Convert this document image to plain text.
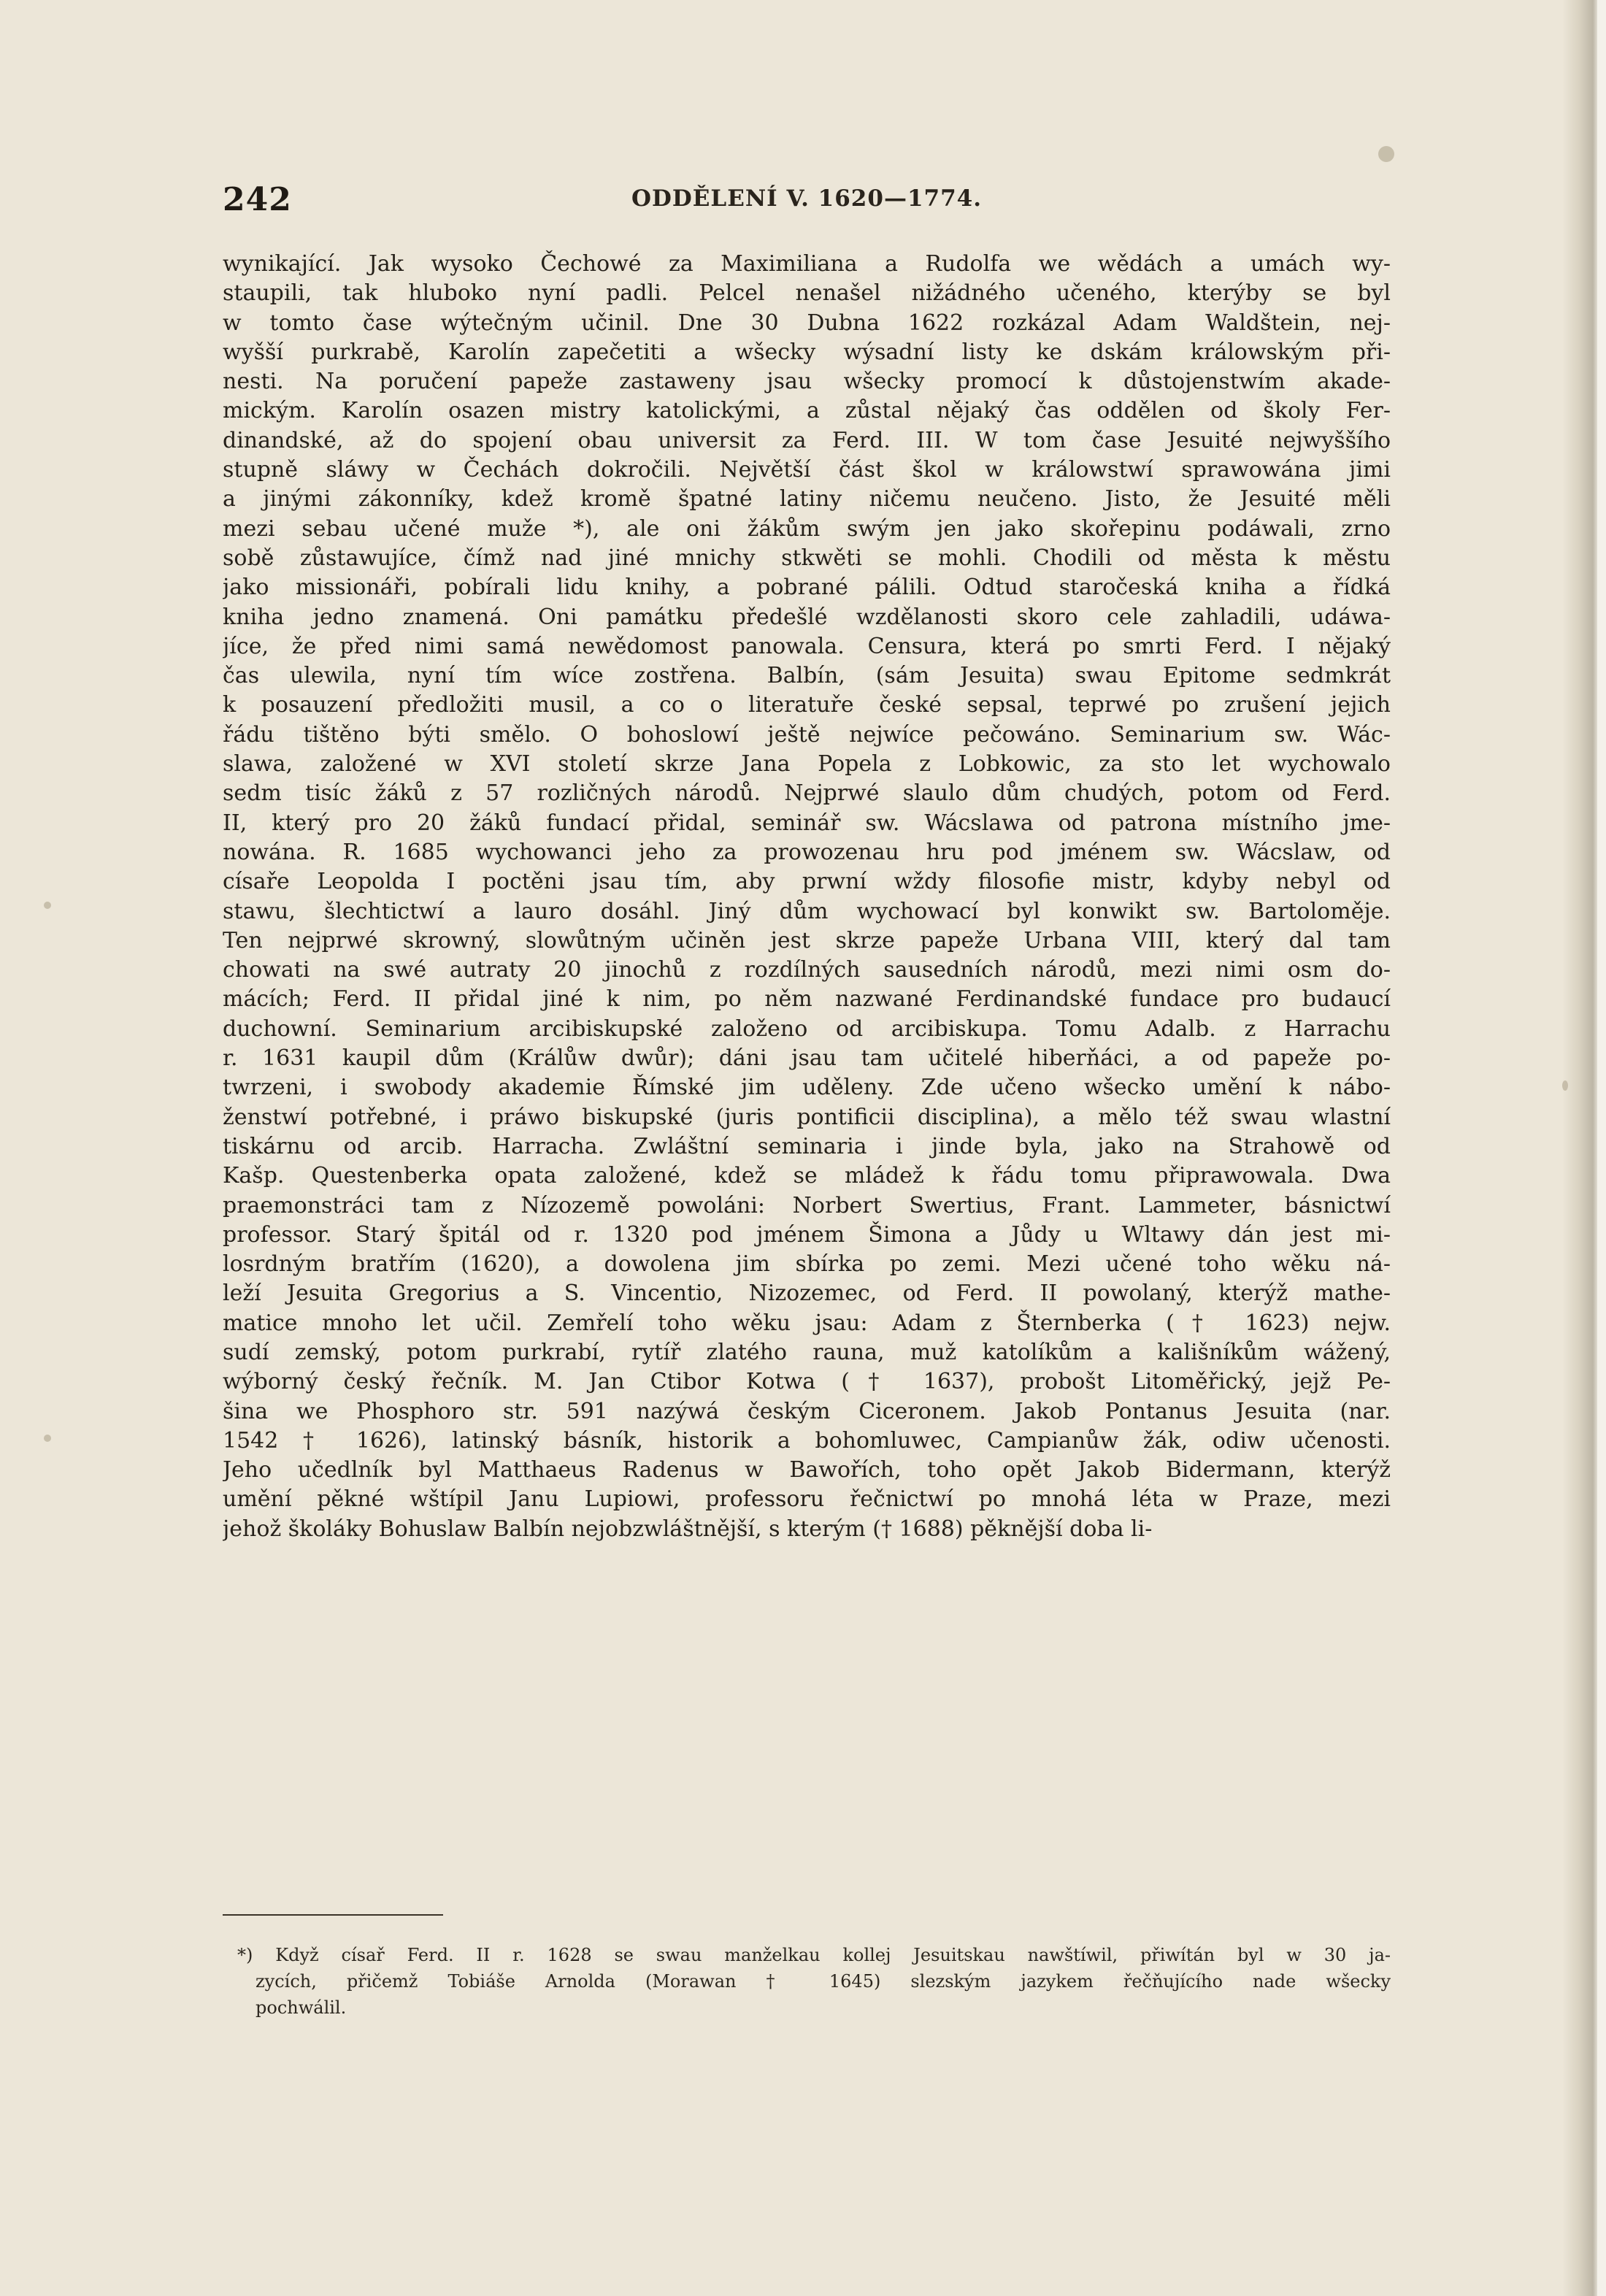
242	ODDĚLENÍ V. 1620—1774.
wynikající. Jak wysoko Čechowé za Maximiliana a Rudolfa we wědách a umách wy-
staupili, tak hluboko nyní padli. Pelcel nenašel nižádného učeného, kterýby se byl
w tomto čase wýtečným učinil. Dne 30 Dubna 1622 rozkázal Adam Waldštein, nej-
wyšší purkrabě, Karolín zapečetiti a wšecky wýsadní listy ke dskám králowským při-
nesti. Na poručení papeže zastaweny jsau wšecky promocí k důstojenstwím akade-
mickým. Karolín osazen mistry katolickými, a zůstal nějaký čas oddělen od školy Fer-
dinandské, až do spojení obau universit za Ferd. III. W tom čase Jesuité nejwyššího
stupně sláwy w Čechách dokročili. Největší část škol w králowstwí sprawowána jimi
a jinými zákonníky, kdež kromě špatné latiny ničemu neučeno. Jisto, že Jesuité měli
mezi sebau učené muže *), ale oni žákům swým jen jako skořepinu podáwali, zrno
sobě zůstawujíce, čímž nad jiné mnichy stkwěti se mohli. Chodili od města k městu
jako missionáři, pobírali lidu knihy, a pobrané pálili. Odtud staročeská kniha a řídká
kniha jedno znamená. Oni památku předešlé wzdělanosti skoro cele zahladili, udáwa-
jíce, že před nimi samá newědomost panowala. Censura, která po smrti Ferd. I nějaký
čas ulewila, nyní tím wíce zostřena. Balbín, (sám Jesuita) swau Epitome sedmkrát
k posauzení předložiti musil, a co o literatuře české sepsal, teprwé po zrušení jejich
řádu tištěno býti smělo. O bohoslowí ještě nejwíce pečowáno. Seminarium sw. Wác-
slawa, založené w XVI století skrze Jana Popela z Lobkowic, za sto let wychowalo
sedm tisíc žáků z 57 rozličných národů. Nejprwé slaulo dům chudých, potom od Ferd.
II, který pro 20 žáků fundací přidal, seminář sw. Wácslawa od patrona místního jme-
nowána. R. 1685 wychowanci jeho za prowozenau hru pod jménem sw. Wácslaw, od
císaře Leopolda I poctěni jsau tím, aby prwní wždy filosofie mistr, kdyby nebyl od
stawu, šlechtictwí a lauro dosáhl. Jiný dům wychowací byl konwikt sw. Bartoloměje.
Ten nejprwé skrowný, slowůtným učiněn jest skrze papeže Urbana VIII, který dal tam
chowati na swé autraty 20 jinochů z rozdílných sausedních národů, mezi nimi osm do-
mácích; Ferd. II přidal jiné k nim, po něm nazwané Ferdinandské fundace pro budaucí
duchowní. Seminarium arcibiskupské založeno od arcibiskupa. Tomu Adalb. z Harrachu
r. 1631 kaupil dům (Králůw dwůr); dáni jsau tam učitelé hiberňáci, a od papeže po-
twrzeni, i swobody akademie Římské jim uděleny. Zde učeno wšecko umění k nábo-
ženstwí potřebné, i práwo biskupské (juris pontificii disciplina), a mělo též swau wlastní
tiskárnu od arcib. Harracha. Zwláštní seminaria i jinde byla, jako na Strahowě od
Kašp. Questenberka opata založené, kdež se mládež k řádu tomu připrawowala. Dwa
praemonstráci tam z Nízozemě powoláni: Norbert Swertius, Frant. Lammeter, básnictwí
professor. Starý špitál od r. 1320 pod jménem Šimona a Jůdy u Wltawy dán jest mi-
losrdným bratřím (1620), a dowolena jim sbírka po zemi. Mezi učené toho wěku ná-
leží Jesuita Gregorius a S. Vincentio, Nizozemec, od Ferd. II powolaný, kterýž mathe-
matice mnoho let učil. Zemřelí toho wěku jsau: Adam z Šternberka († 1623) nejw.
sudí zemský, potom purkrabí, rytíř zlatého rauna, muž katolíkům a kališníkům wážený,
wýborný český řečník. M. Jan Ctibor Kotwa († 1637), probošt Litoměřický, jejž Pe-
šina we Phosphoro str. 591 nazýwá českým Ciceronem. Jakob Pontanus Jesuita (nar.
1542 † 1626), latinský básník, historik a bohomluwec, Campianůw žák, odiw učenosti.
Jeho učedlník byl Matthaeus Radenus w Bawořích, toho opět Jakob Bidermann, kterýž
umění pěkné wštípil Janu Lupiowi, professoru řečnictwí po mnohá léta w Praze, mezi
jehož školáky Bohuslaw Balbín nejobzwláštnější, s kterým († 1688) pěknější doba li-
*) Když císař Ferd. II r. 1628 se swau manželkau kollej Jesuitskau nawštíwil, přiwítán byl w 30 ja-
zycích, přičemž Tobiáše Arnolda (Morawan † 1645) slezským jazykem řečňujícího nade wšecky
pochwálil.
